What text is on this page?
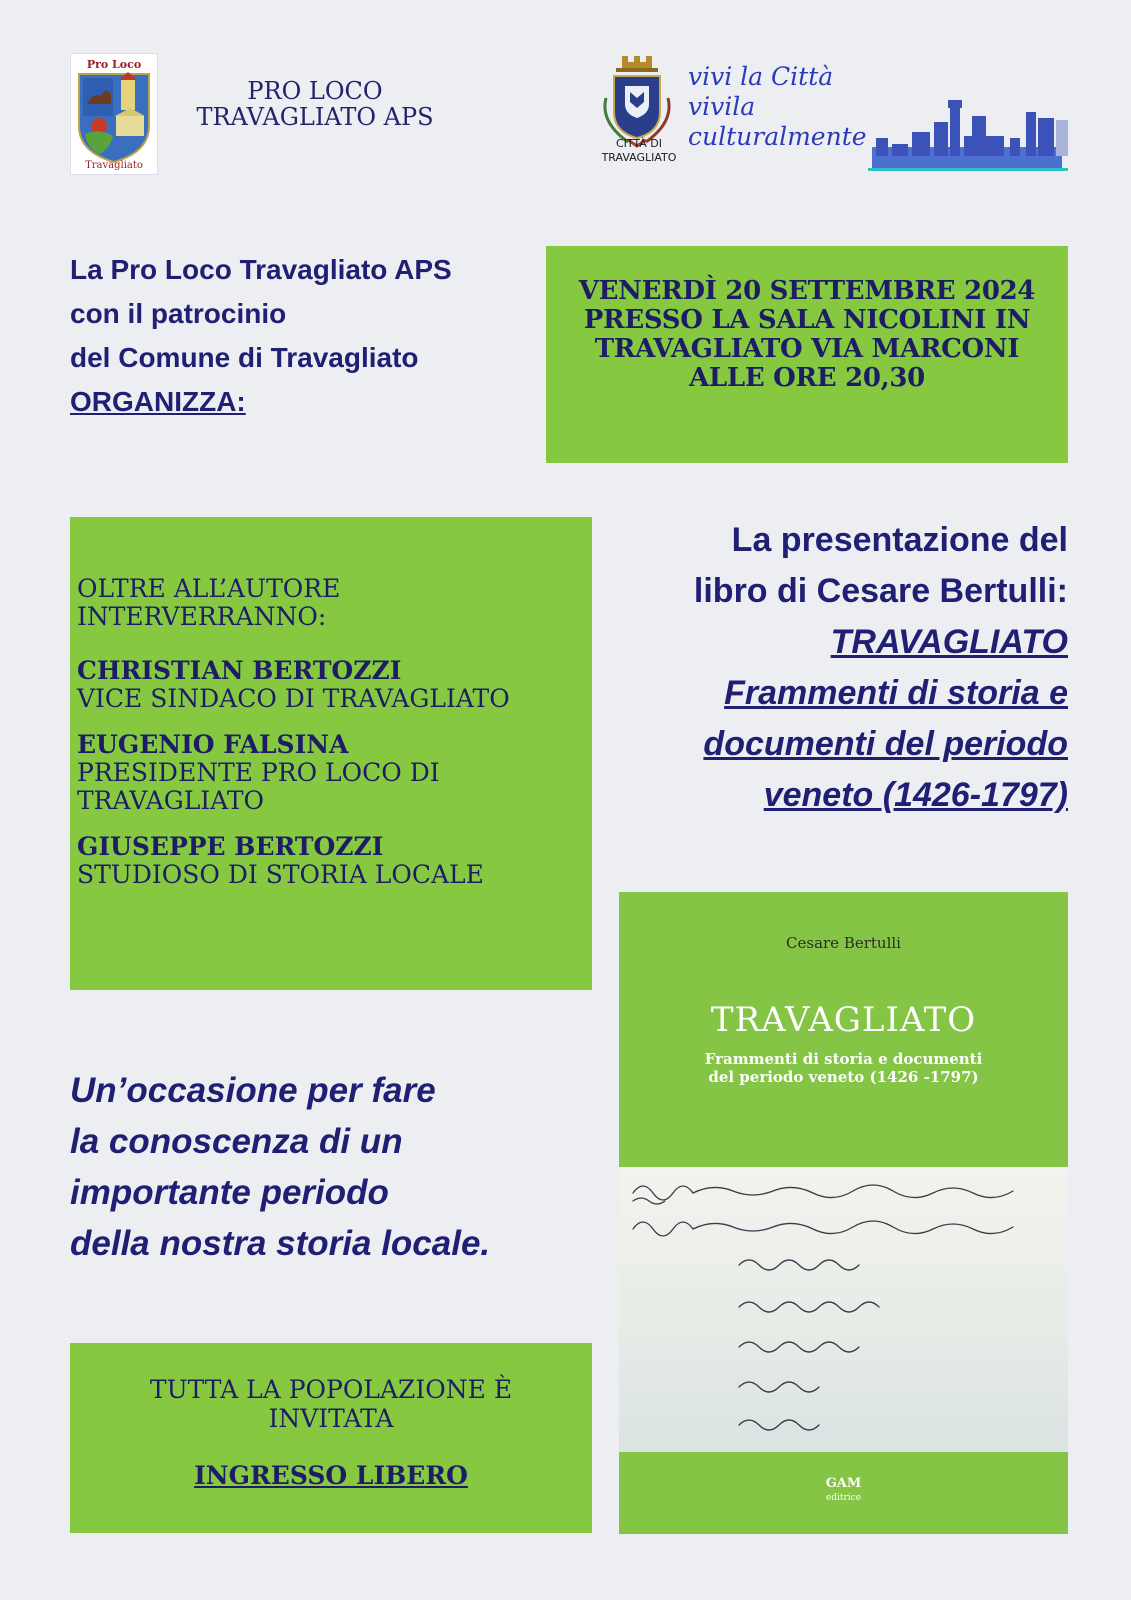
Pro Loco
Travagliato
PRO LOCO
TRAVAGLIATO APS
CITTÀ DI
TRAVAGLIATO
vivi la Città
vivila
culturalmente
La Pro Loco Travagliato APS
con il patrocinio
del Comune di Travagliato
ORGANIZZA:
VENERDÌ 20 SETTEMBRE 2024
PRESSO LA SALA NICOLINI IN
TRAVAGLIATO VIA MARCONI
ALLE ORE 20,30
OLTRE ALL’AUTORE
INTERVERRANNO:
CHRISTIAN BERTOZZI
VICE SINDACO DI TRAVAGLIATO
EUGENIO FALSINA
PRESIDENTE PRO LOCO DI
TRAVAGLIATO
GIUSEPPE BERTOZZI
STUDIOSO DI STORIA LOCALE
La presentazione del
libro di Cesare Bertulli:
TRAVAGLIATO
Frammenti di storia e
documenti del periodo
veneto (1426-1797)
Un’occasione per fare
la conoscenza di un
importante periodo
della nostra storia locale.
TUTTA LA POPOLAZIONE È
INVITATA
INGRESSO LIBERO
Cesare Bertulli
TRAVAGLIATO
Frammenti di storia e documenti
del periodo veneto (1426 -1797)
GAM
editrice
